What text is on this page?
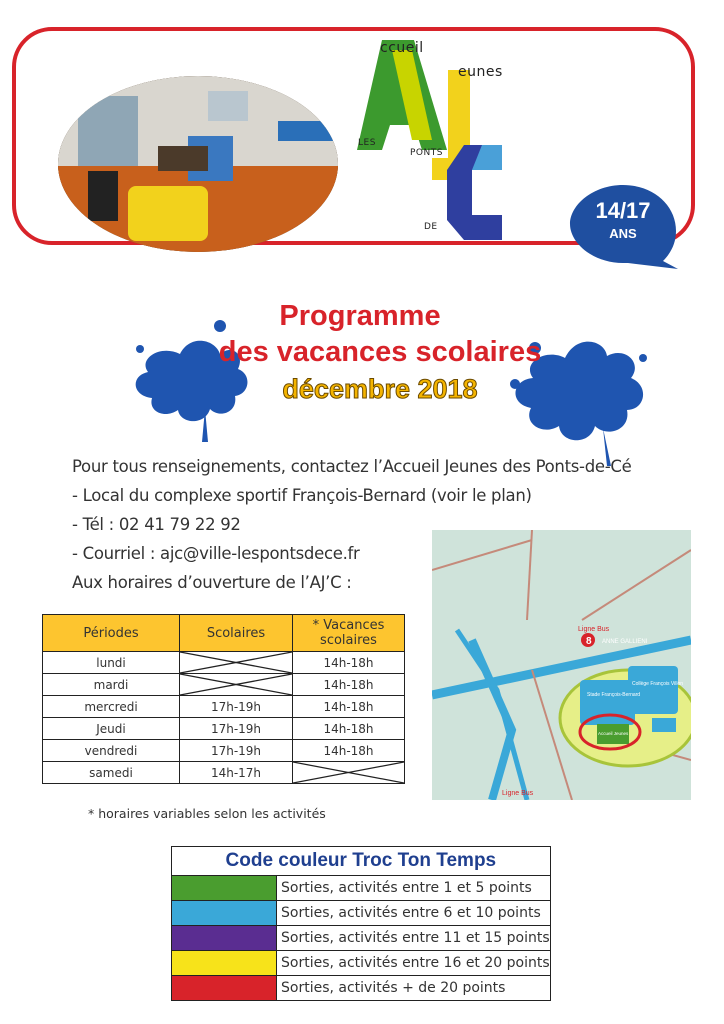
ccueil
eunes
LES
PONTS
DE
14/17
ANS
Programme
des vacances scolaires
décembre 2018
Pour tous renseignements, contactez l’Accueil Jeunes des Ponts-de-Cé
- Local du complexe sportif François-Bernard (voir le plan)
- Tél : 02 41 79 22 92
- Courriel : ajc@ville-lespontsdece.fr
Aux horaires d’ouverture de l’AJ’C :
8
Ligne Bus
ANNE GALLIENI
Stade François-Bernard
Collège François Villon
Accueil Jeunes
Ligne Bus
Périodes	Scolaires	* Vacances scolaires
lundi		14h-18h
mardi		14h-18h
mercredi	17h-19h	14h-18h
Jeudi	17h-19h	14h-18h
vendredi	17h-19h	14h-18h
samedi	14h-17h	
* horaires variables selon les activités
Code couleur Troc Ton Temps	
	Sorties, activités entre 1 et 5 points
	Sorties, activités entre 6 et 10 points
	Sorties, activités entre 11 et 15 points
	Sorties, activités entre 16 et 20 points
	Sorties, activités + de 20 points
